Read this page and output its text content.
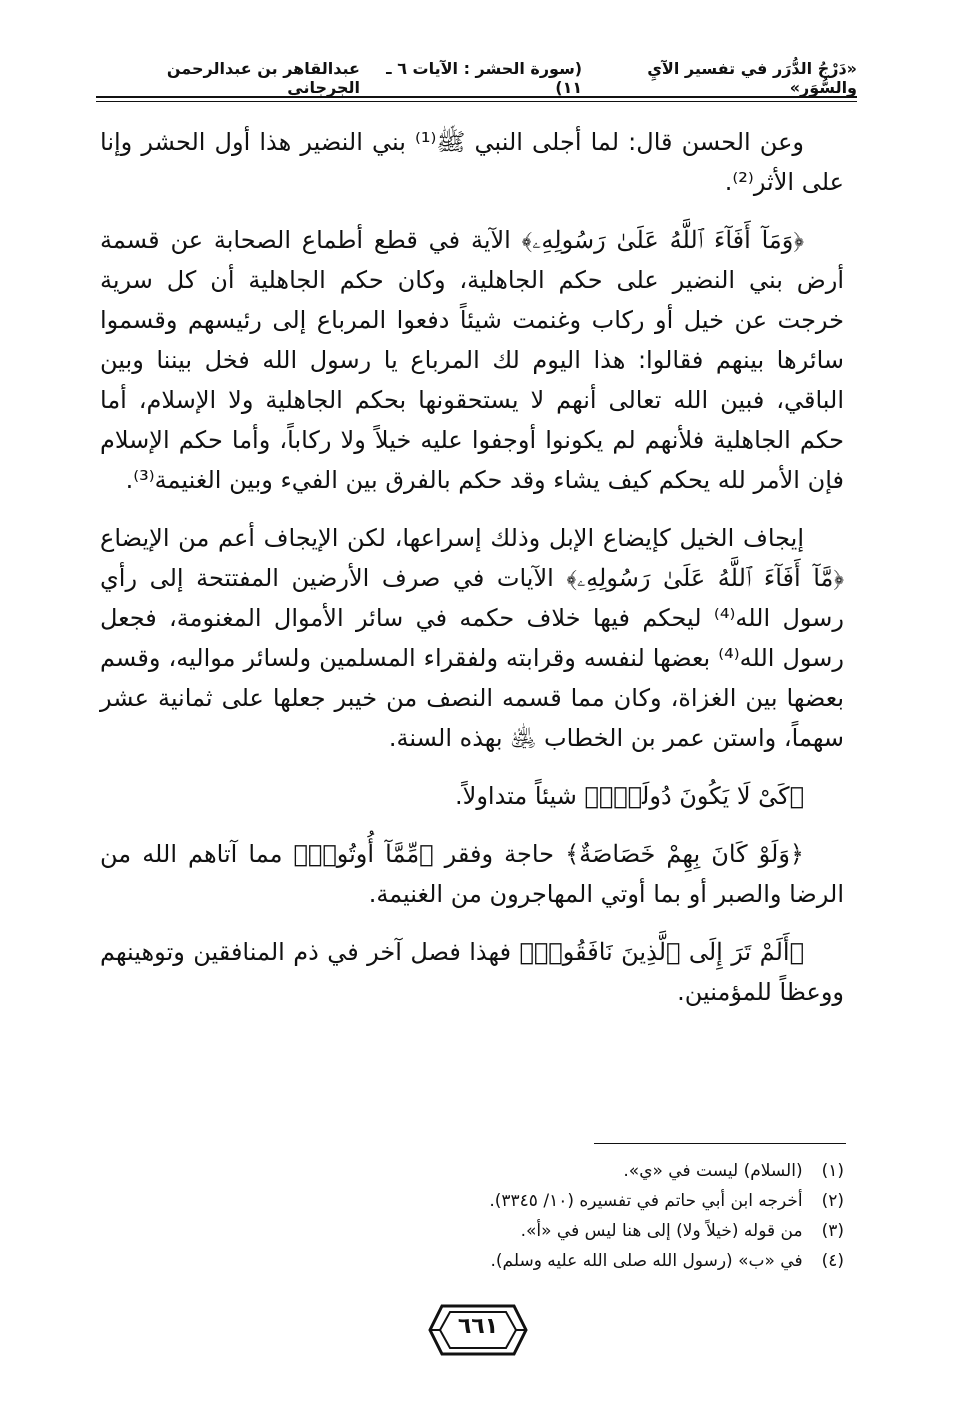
«دَرْجُ الدُّرَر في تفسير الآيِ والسُّوَر»
(سورة الحشر : الآيات ٦ ـ ١١)
عبدالقاهر بن عبدالرحمن الجرجاني

وعن الحسن قال: لما أجلى النبي ﷺ⁽¹⁾ بني النضير هذا أول الحشر وإنا على الأثر⁽²⁾.

﴿وَمَآ أَفَآءَ ٱللَّهُ عَلَىٰ رَسُولِهِۦ﴾ الآية في قطع أطماع الصحابة عن قسمة أرض بني النضير على حكم الجاهلية، وكان حكم الجاهلية أن كل سرية خرجت عن خيل أو ركاب وغنمت شيئاً دفعوا المرباع إلى رئيسهم وقسموا سائرها بينهم فقالوا: هذا اليوم لك المرباع يا رسول الله فخل بيننا وبين الباقي، فبين الله تعالى أنهم لا يستحقونها بحكم الجاهلية ولا الإسلام، أما حكم الجاهلية فلأنهم لم يكونوا أوجفوا عليه خيلاً ولا ركاباً، وأما حكم الإسلام فإن الأمر لله يحكم كيف يشاء وقد حكم بالفرق بين الفيء وبين الغنيمة⁽³⁾.

إيجاف الخيل كإيضاع الإبل وذلك إسراعها، لكن الإيجاف أعم من الإيضاع ﴿مَّآ أَفَآءَ ٱللَّهُ عَلَىٰ رَسُولِهِۦ﴾ الآيات في صرف الأرضين المفتتحة إلى رأي رسول الله⁽⁴⁾ ليحكم فيها خلاف حكمه في سائر الأموال المغنومة، فجعل رسول الله⁽⁴⁾ بعضها لنفسه وقرابته ولفقراء المسلمين ولسائر مواليه، وقسم بعضها بين الغزاة، وكان مما قسمه النصف من خيبر جعلها على ثمانية عشر سهماً، واستن عمر بن الخطاب ﵁ بهذه السنة.

﴿كَىْ لَا يَكُونَ دُولَةًۢ﴾ شيئاً متداولاً.

﴿وَلَوْ كَانَ بِهِمْ خَصَاصَةٌ﴾ حاجة وفقر ﴿مِّمَّآ أُوتُوا۟﴾ مما آتاهم الله من الرضا والصبر أو بما أوتي المهاجرون من الغنيمة.

﴿أَلَمْ تَرَ إِلَى ٱلَّذِينَ نَافَقُوا۟﴾ فهذا فصل آخر في ذم المنافقين وتوهينهم ووعظاً للمؤمنين.

(١) (السلام) ليست في «ي».
(٢) أخرجه ابن أبي حاتم في تفسيره (١٠/ ٣٣٤٥).
(٣) من قوله (خيلاً ولا) إلى هنا ليس في «أ».
(٤) في «ب» (رسول الله صلى الله عليه وسلم).
٦٦١
